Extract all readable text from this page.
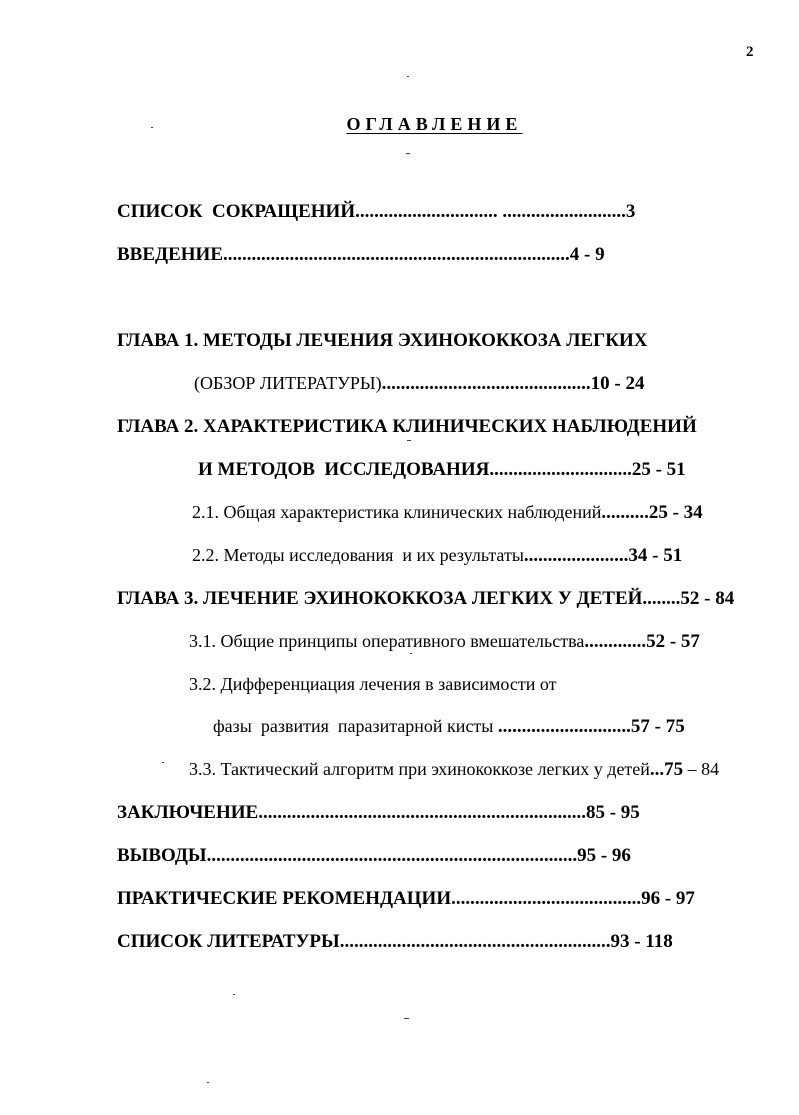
2
ОГЛАВЛЕНИЕ
СПИСОК  СОКРАЩЕНИЙ.............................. ..........................3
ВВЕДЕНИЕ.........................................................................4 - 9
ГЛАВА 1. МЕТОДЫ ЛЕЧЕНИЯ ЭХИНОКОККОЗА ЛЕГКИХ
(ОБЗОР ЛИТЕРАТУРЫ)............................................10 - 24
ГЛАВА 2. ХАРАКТЕРИСТИКА КЛИНИЧЕСКИХ НАБЛЮДЕНИЙ
И МЕТОДОВ  ИССЛЕДОВАНИЯ..............................25 - 51
2.1. Общая характеристика клинических наблюдений..........25 - 34
2.2. Методы исследования  и их результаты......................34 - 51
ГЛАВА 3. ЛЕЧЕНИЕ ЭХИНОКОККОЗА ЛЕГКИХ У ДЕТЕЙ........52 - 84
3.1. Общие принципы оперативного вмешательства.............52 - 57
3.2. Дифференциация лечения в зависимости от
фазы  развития  паразитарной кисты ............................57 - 75
3.3. Тактический алгоритм при эхинококкозе легких у детей...75 – 84
ЗАКЛЮЧЕНИЕ.....................................................................85 - 95
ВЫВОДЫ..............................................................................95 - 96
ПРАКТИЧЕСКИЕ РЕКОМЕНДАЦИИ........................................96 - 97
СПИСОК ЛИТЕРАТУРЫ.........................................................93 - 118
